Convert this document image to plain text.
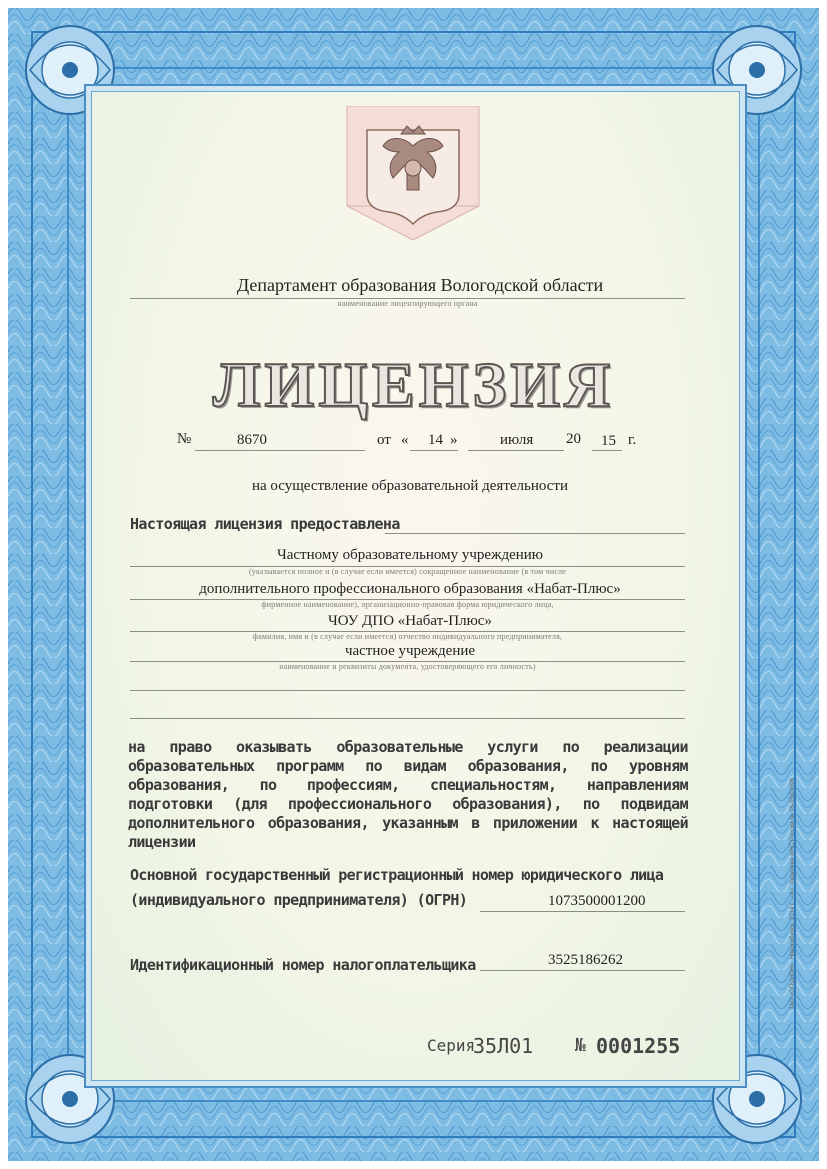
Департамент образования Вологодской области
наименование лицензирующего органа
ЛИЦЕНЗИЯ
№	8670	от « 14 »	июля 20 15 г.
на осуществление образовательной деятельности
Настоящая лицензия предоставлена
Частному образовательному учреждению
(указывается полное и (в случае если имеется) сокращенное наименование (в том числе
дополнительного профессионального образования «Набат-Плюс»
фирменное наименование), организационно-правовая форма юридического лица,
ЧОУ ДПО «Набат-Плюс»
фамилия, имя и (в случае если имеется) отчество индивидуального предпринимателя,
частное учреждение
наименование и реквизиты документа, удостоверяющего его личность)
на право оказывать образовательные услуги по реализации образовательных программ по видам образования, по уровням образования, по профессиям, специальностям, направлениям подготовки (для профессионального образования), по подвидам дополнительного образования, указанным в приложении к настоящей лицензии
Основной государственный регистрационный номер юридического лица
(индивидуального предпринимателя) (ОГРН)	1073500001200
Идентификационный номер налогоплательщика	3525186262
Серия
35Л01 № 0001255
ЗАО «ОПЦИОН», Новосибирск, 2014 г., «А». Лицензия ФНС России № 05-05/01006
